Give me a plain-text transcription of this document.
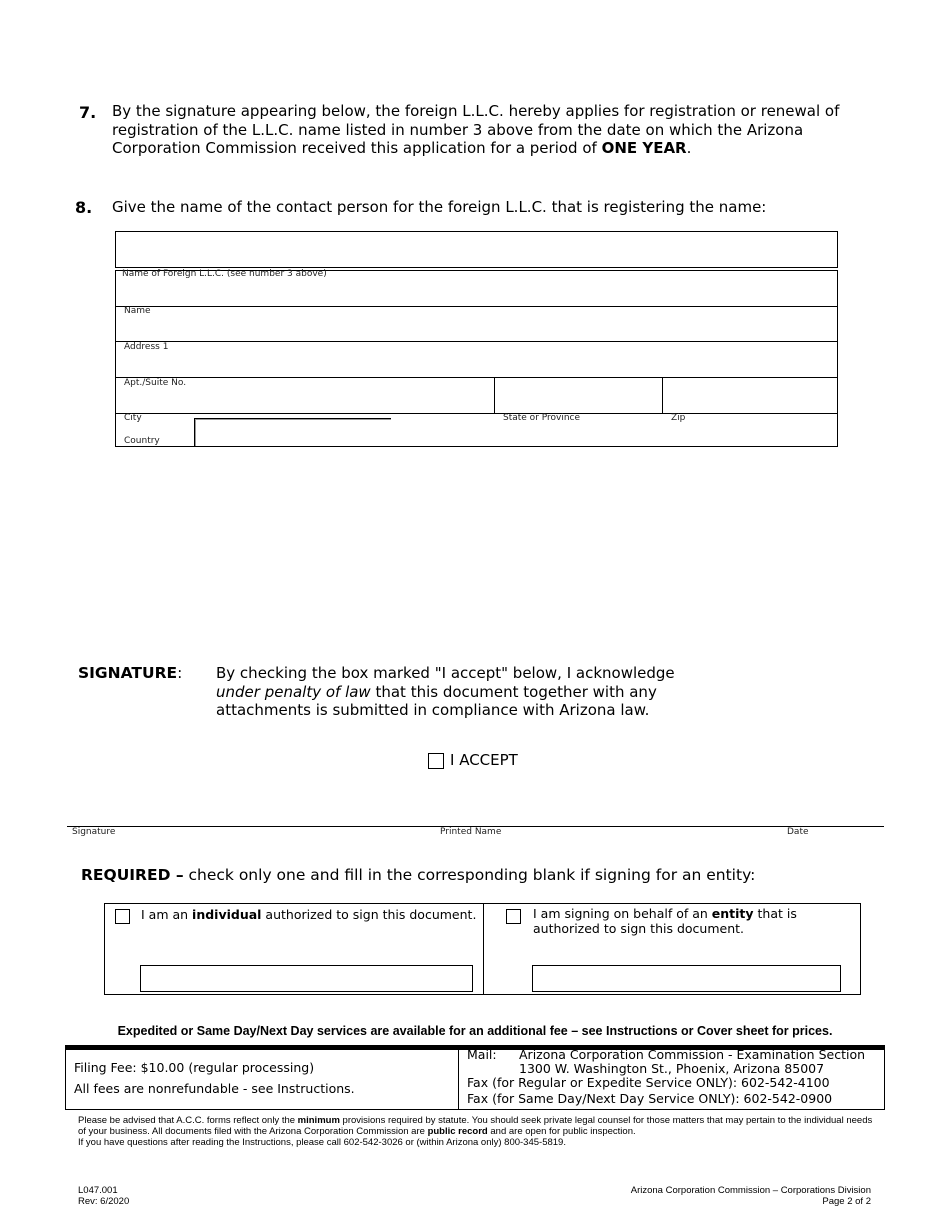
7. By the signature appearing below, the foreign L.L.C. hereby applies for registration or renewal of registration of the L.L.C. name listed in number 3 above from the date on which the Arizona Corporation Commission received this application for a period of ONE YEAR.
8. Give the name of the contact person for the foreign L.L.C. that is registering the name:
Name of Foreign L.L.C. (see number 3 above)
Name
Address 1
Apt./Suite No.
City	State or Province	Zip
Country
SIGNATURE: By checking the box marked "I accept" below, I acknowledge
under penalty of law that this document together with any
attachments is submitted in compliance with Arizona law.
I ACCEPT
Signature	Printed Name	Date
REQUIRED – check only one and fill in the corresponding blank if signing for an entity:
I am an individual authorized to sign this document.	I am signing on behalf of an entity that is authorized to sign this document.
Expedited or Same Day/Next Day services are available for an additional fee – see Instructions or Cover sheet for prices.
Filing Fee: $10.00 (regular processing)
All fees are nonrefundable - see Instructions.
Mail: Arizona Corporation Commission - Examination Section
1300 W. Washington St., Phoenix, Arizona 85007
Fax (for Regular or Expedite Service ONLY): 602-542-4100
Fax (for Same Day/Next Day Service ONLY): 602-542-0900
Please be advised that A.C.C. forms reflect only the minimum provisions required by statute. You should seek private legal counsel for those matters that may pertain to the individual needs of your business. All documents filed with the Arizona Corporation Commission are public record and are open for public inspection.
If you have questions after reading the Instructions, please call 602-542-3026 or (within Arizona only) 800-345-5819.
L047.001
Rev: 6/2020
Arizona Corporation Commission – Corporations Division
Page 2 of 2
